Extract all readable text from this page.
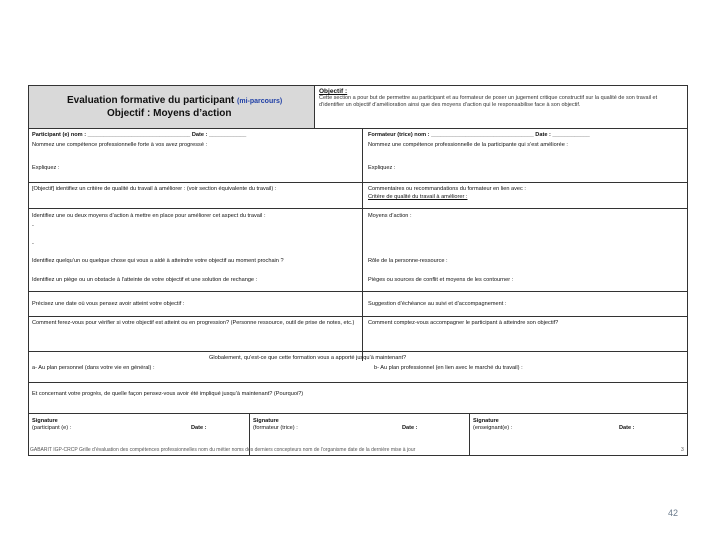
Evaluation formative du participant (mi-parcours)
Objectif : Moyens d’action
Objectif :
Cette section a pour but de permettre au participant et au formateur de poser un jugement critique constructif sur la qualité de son travail et d’identifier un objectif d’amélioration ainsi que des moyens d’action qui le responsabilise face à son objectif.
Participant (e) nom : _________________________________ Date : ____________	Formateur (trice) nom : _________________________________ Date : ____________
Nommez une compétence professionnelle forte à vos avez progressé :	Nommez une compétence professionnelle de la participante qui s’est améliorée :
Expliquez :	Expliquez :
[Objectif] identifiez un critère de qualité du travail à améliorer : (voir section équivalente du travail) :	Commentaires ou recommandations du formateur en lien avec :
Critère de qualité du travail à améliorer :
Identifiez une ou deux moyens d’action à mettre en place pour améliorer cet aspect du travail :	Moyens d’action :
-
-
Identifiez quelqu’un ou quelque chose qui vous a aidé à atteindre votre objectif au moment prochain ?	Rôle de la personne-ressource :
Identifiez un piège ou un obstacle à l’atteinte de votre objectif et une solution de rechange :	Pièges ou sources de conflit et moyens de les contourner :
Précisez une date où vous pensez avoir atteint votre objectif :	Suggestion d’échéance au suivi et d’accompagnement :
Comment ferez-vous pour vérifier si votre objectif est atteint ou en progression? (Personne ressource, outil de prise de notes, etc.)	Comment comptez-vous accompagner le participant à atteindre son objectif?
Globalement, qu’est-ce que cette formation vous a apporté jusqu’à maintenant?
a- Au plan personnel (dans votre vie en général) :	b- Au plan professionnel (en lien avec le marché du travail) :
Et concernant votre progrès, de quelle façon pensez-vous avoir été impliqué jusqu’à maintenant? (Pourquoi?)
Signature
(participant (e) :	Date :
Signature
(formateur (trice) :	Date :
Signature
(enseignant(e) :	Date :
GABARIT IGP-CRCP Grille d’évaluation des compétences professionnelles nom du métier noms des derniers concepteurs nom de l’organisme date de la dernière mise à jour	3
42
